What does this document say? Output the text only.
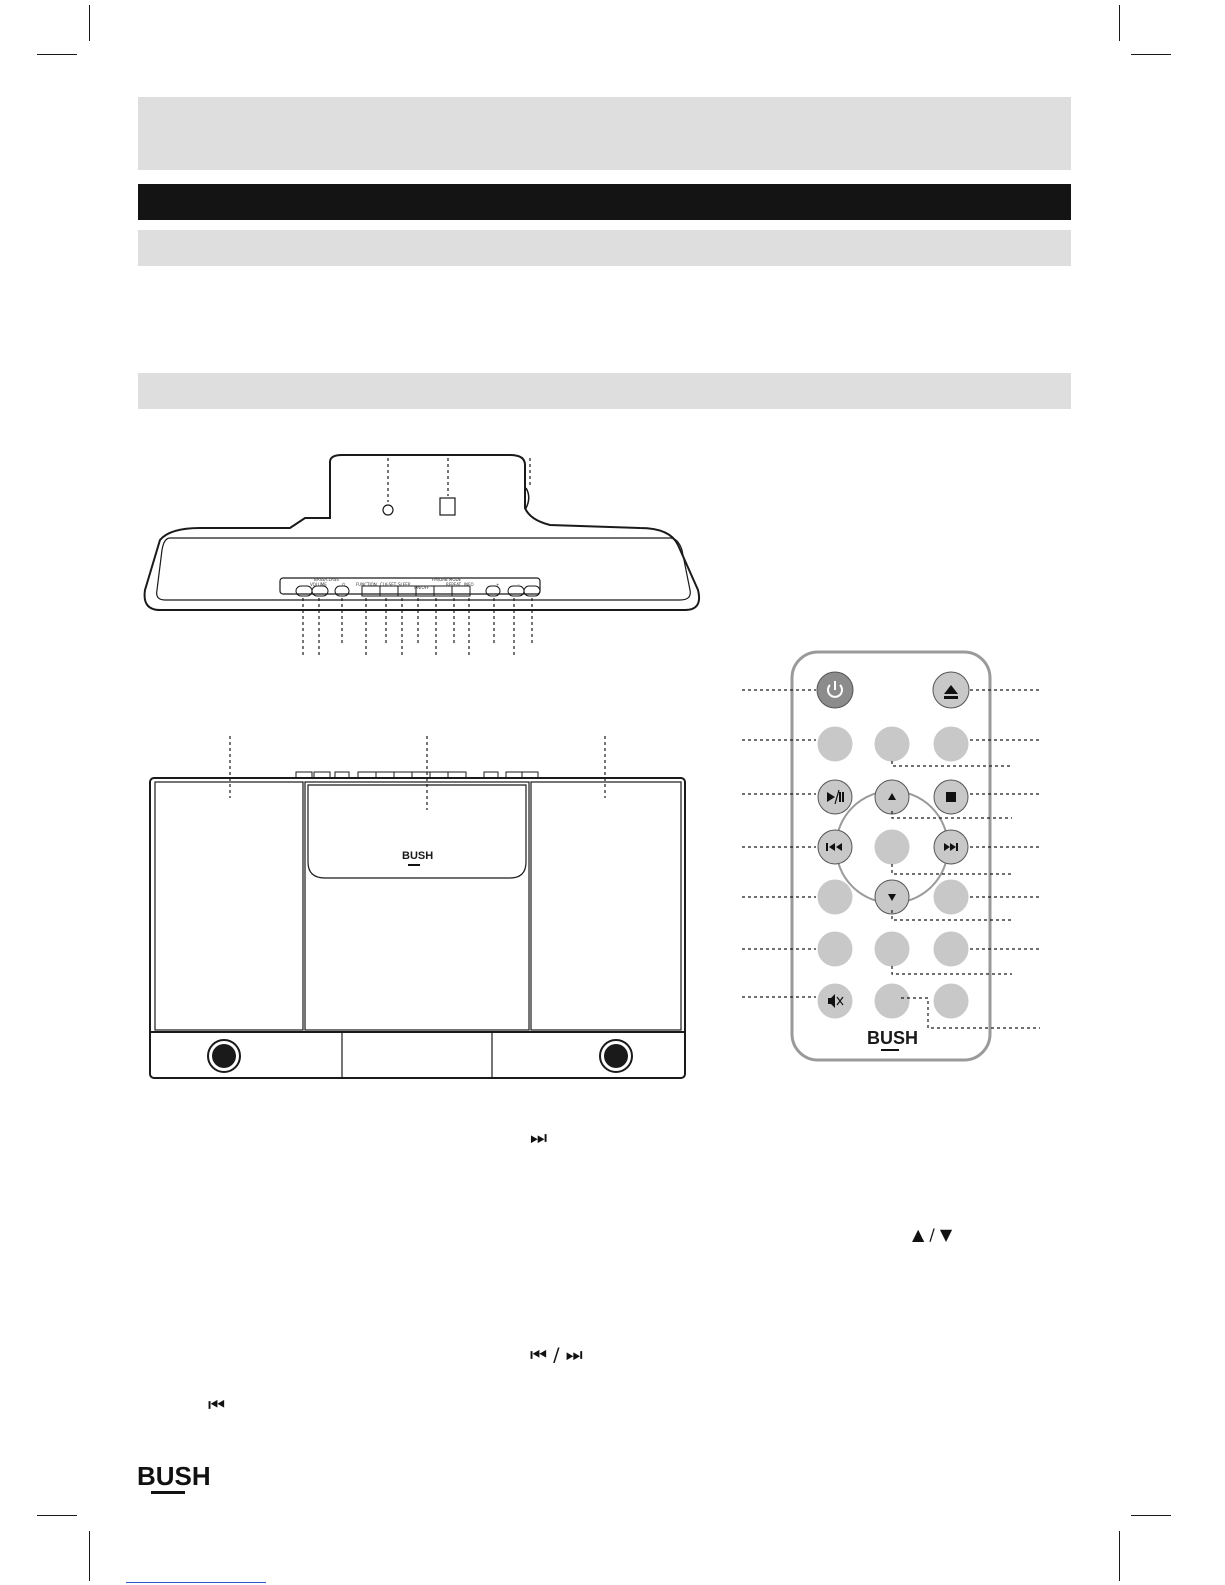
BASS/CLASS
VOLUME	⏻	FUNCTION CLK-SET SLEEP
ON/OFF
FM/DAB MODE
REPEAT INFO	+	-
BUSH
BUSH
⏭
▲ / ▼
⏮ / ⏭
⏮
BUSH
